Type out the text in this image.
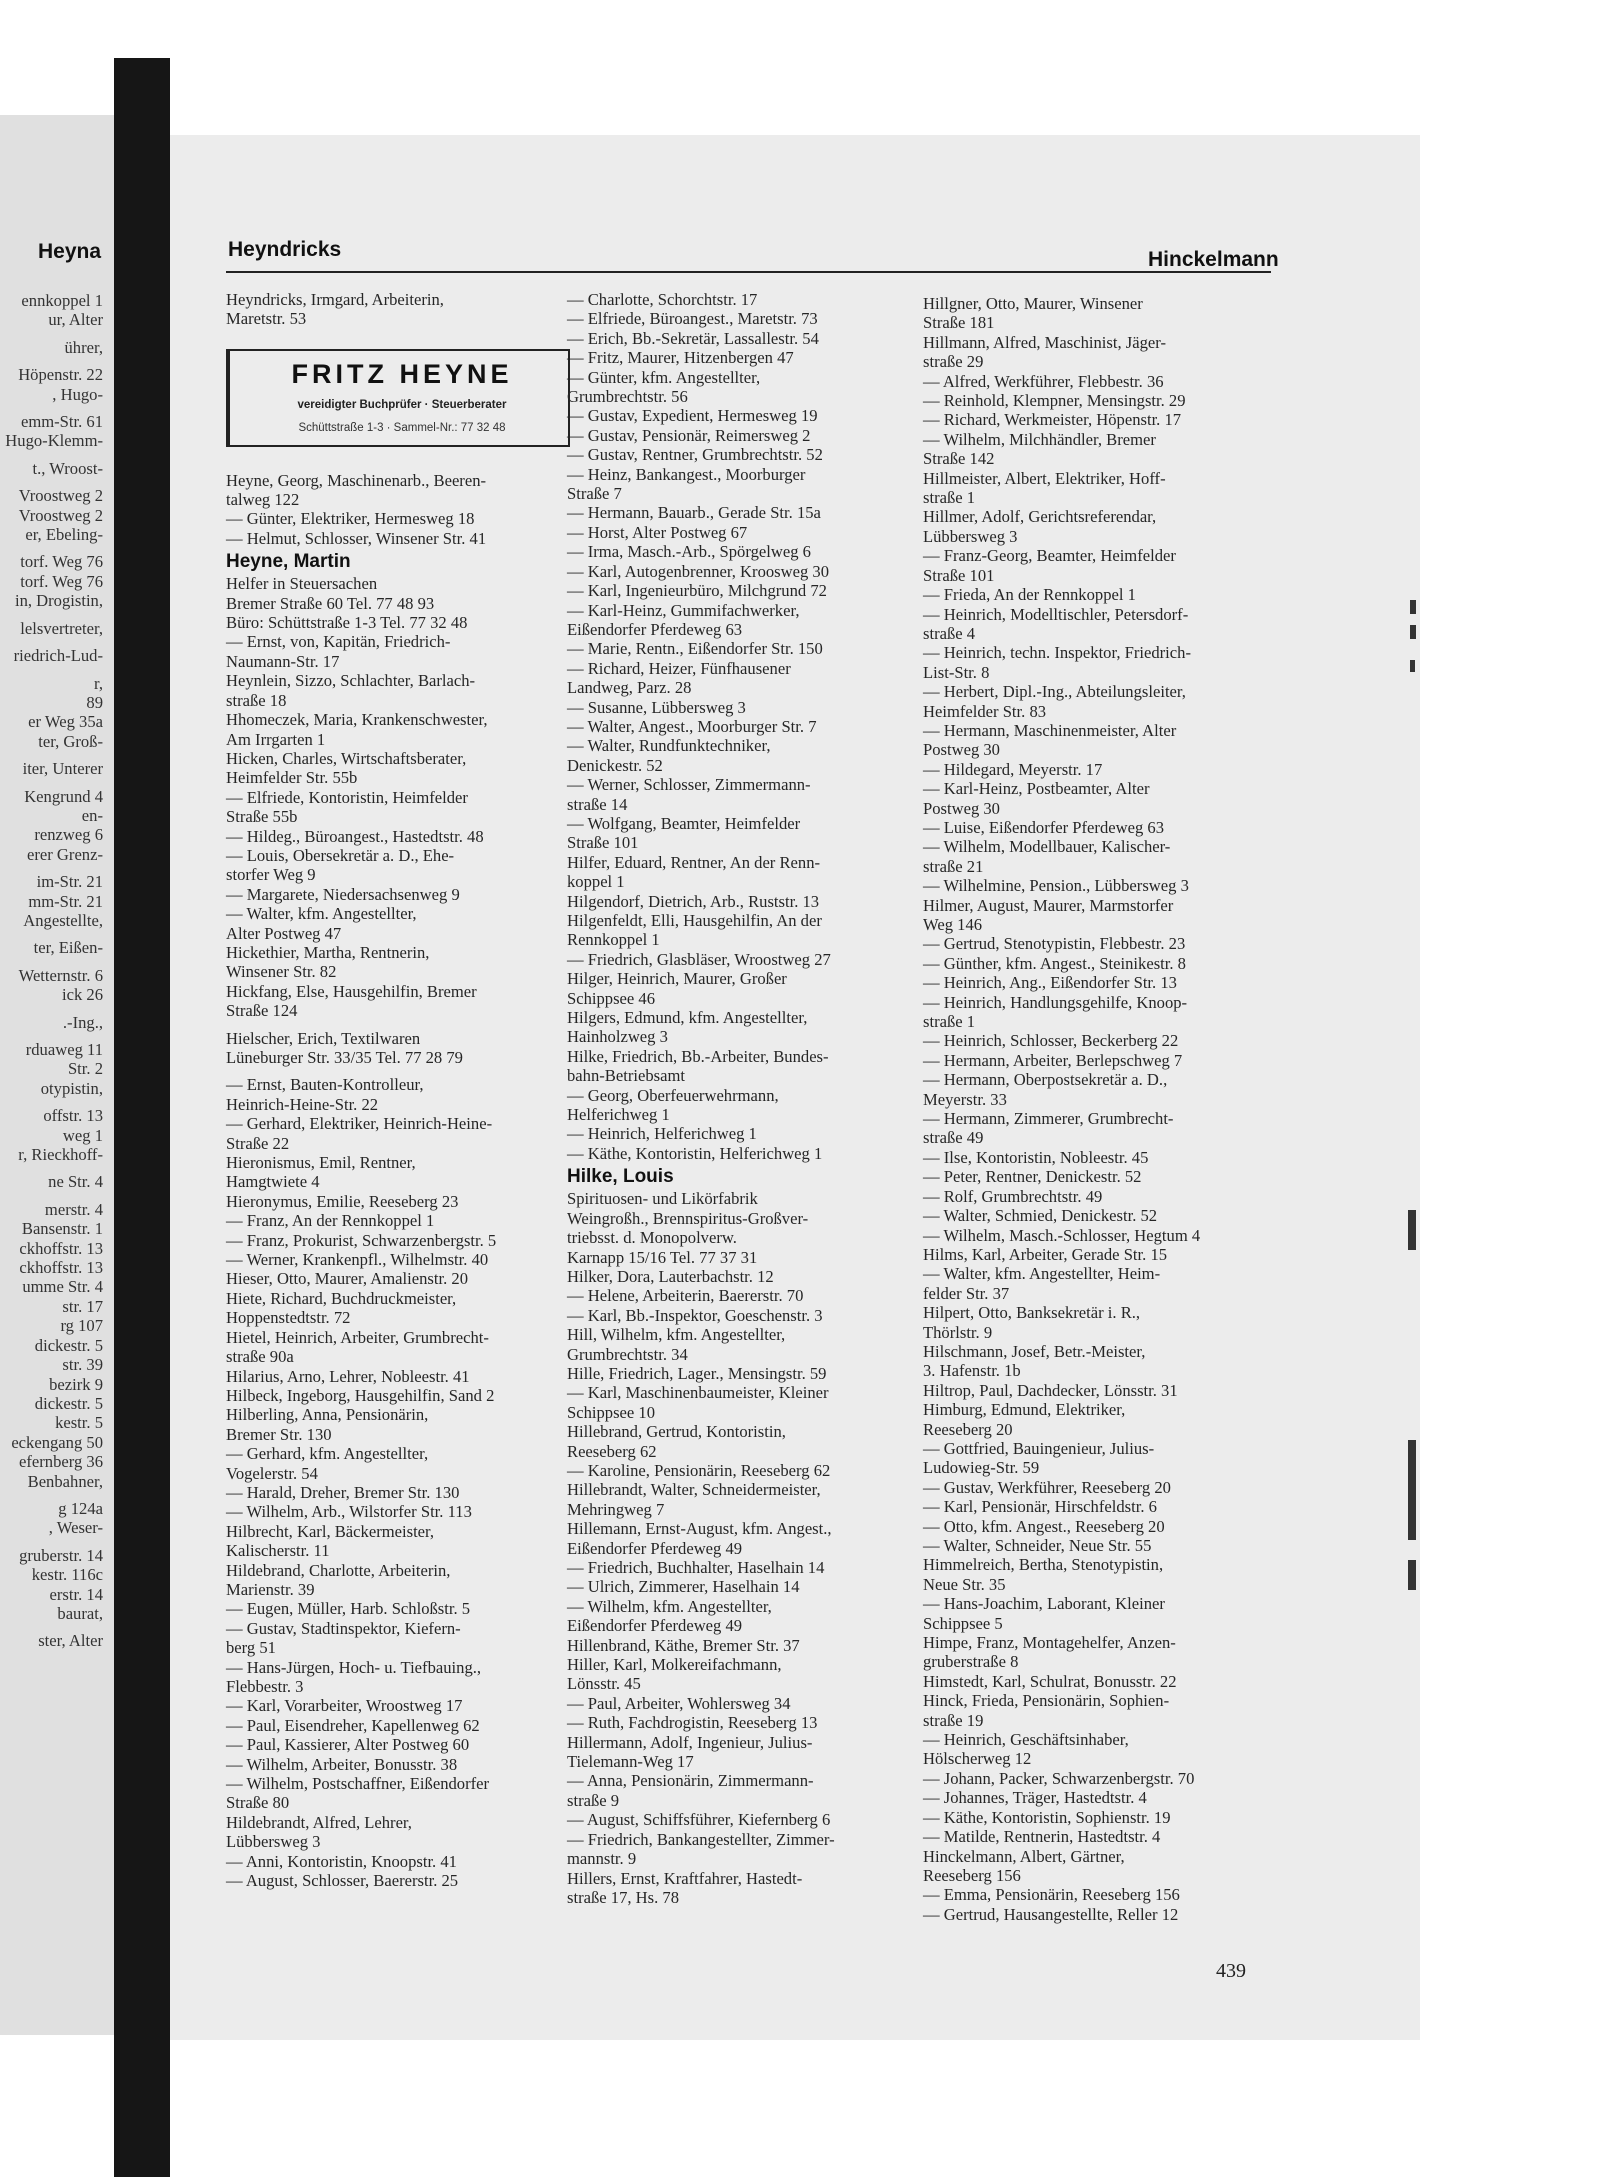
Heyna
ennkoppel 1
ur, Alter
ührer,
Höpenstr. 22
, Hugo-
emm-Str. 61
Hugo-Klemm-
t., Wroost-
Vroostweg 2
Vroostweg 2
er, Ebeling-
torf. Weg 76
torf. Weg 76
in, Drogistin,
lelsvertreter,
riedrich-Lud-
r,
89
er Weg 35a
ter, Groß-
iter, Unterer
Kengrund 4
en-
renzweg 6
erer Grenz-
im-Str. 21
mm-Str. 21
Angestellte,
ter, Eißen-
Wetternstr. 6
ick 26
.-Ing.,
rduaweg 11
Str. 2
otypistin,
offstr. 13
weg 1
r, Rieckhoff-
ne Str. 4
merstr. 4
Bansenstr. 1
ckhoffstr. 13
ckhoffstr. 13
umme Str. 4
str. 17
rg 107
dickestr. 5
str. 39
bezirk 9
dickestr. 5
kestr. 5
eckengang 50
efernberg 36
Benbahner,
g 124a
, Weser-
gruberstr. 14
kestr. 116c
erstr. 14
baurat,
ster, Alter
Heyndricks	Hinckelmann
Heyndricks, Irmgard, Arbeiterin,
Maretstr. 53
FRITZ HEYNE
vereidigter Buchprüfer · Steuerberater
Schüttstraße 1-3 · Sammel-Nr.: 77 32 48
Heyne, Georg, Maschinenarb., Beeren-
talweg 122
— Günter, Elektriker, Hermesweg 18
— Helmut, Schlosser, Winsener Str. 41
Heyne, Martin
Helfer in Steuersachen
Bremer Straße 60 Tel. 77 48 93
Büro: Schüttstraße 1-3 Tel. 77 32 48
— Ernst, von, Kapitän, Friedrich-
Naumann-Str. 17
Heynlein, Sizzo, Schlachter, Barlach-
straße 18
Hhomeczek, Maria, Krankenschwester,
Am Irrgarten 1
Hicken, Charles, Wirtschaftsberater,
Heimfelder Str. 55b
— Elfriede, Kontoristin, Heimfelder
Straße 55b
— Hildeg., Büroangest., Hastedtstr. 48
— Louis, Obersekretär a. D., Ehe-
storfer Weg 9
— Margarete, Niedersachsenweg 9
— Walter, kfm. Angestellter,
Alter Postweg 47
Hickethier, Martha, Rentnerin,
Winsener Str. 82
Hickfang, Else, Hausgehilfin, Bremer
Straße 124
Hielscher, Erich, Textilwaren
Lüneburger Str. 33/35 Tel. 77 28 79
— Ernst, Bauten-Kontrolleur,
Heinrich-Heine-Str. 22
— Gerhard, Elektriker, Heinrich-Heine-
Straße 22
Hieronismus, Emil, Rentner,
Hamgtwiete 4
Hieronymus, Emilie, Reeseberg 23
— Franz, An der Rennkoppel 1
— Franz, Prokurist, Schwarzenbergstr. 5
— Werner, Krankenpfl., Wilhelmstr. 40
Hieser, Otto, Maurer, Amalienstr. 20
Hiete, Richard, Buchdruckmeister,
Hoppenstedtstr. 72
Hietel, Heinrich, Arbeiter, Grumbrecht-
straße 90a
Hilarius, Arno, Lehrer, Nobleestr. 41
Hilbeck, Ingeborg, Hausgehilfin, Sand 2
Hilberling, Anna, Pensionärin,
Bremer Str. 130
— Gerhard, kfm. Angestellter,
Vogelerstr. 54
— Harald, Dreher, Bremer Str. 130
— Wilhelm, Arb., Wilstorfer Str. 113
Hilbrecht, Karl, Bäckermeister,
Kalischerstr. 11
Hildebrand, Charlotte, Arbeiterin,
Marienstr. 39
— Eugen, Müller, Harb. Schloßstr. 5
— Gustav, Stadtinspektor, Kiefern-
berg 51
— Hans-Jürgen, Hoch- u. Tiefbauing.,
Flebbestr. 3
— Karl, Vorarbeiter, Wroostweg 17
— Paul, Eisendreher, Kapellenweg 62
— Paul, Kassierer, Alter Postweg 60
— Wilhelm, Arbeiter, Bonusstr. 38
— Wilhelm, Postschaffner, Eißendorfer
Straße 80
Hildebrandt, Alfred, Lehrer,
Lübbersweg 3
— Anni, Kontoristin, Knoopstr. 41
— August, Schlosser, Baererstr. 25
— Charlotte, Schorchtstr. 17
— Elfriede, Büroangest., Maretstr. 73
— Erich, Bb.-Sekretär, Lassallestr. 54
— Fritz, Maurer, Hitzenbergen 47
— Günter, kfm. Angestellter,
Grumbrechtstr. 56
— Gustav, Expedient, Hermesweg 19
— Gustav, Pensionär, Reimersweg 2
— Gustav, Rentner, Grumbrechtstr. 52
— Heinz, Bankangest., Moorburger
Straße 7
— Hermann, Bauarb., Gerade Str. 15a
— Horst, Alter Postweg 67
— Irma, Masch.-Arb., Spörgelweg 6
— Karl, Autogenbrenner, Kroosweg 30
— Karl, Ingenieurbüro, Milchgrund 72
— Karl-Heinz, Gummifachwerker,
Eißendorfer Pferdeweg 63
— Marie, Rentn., Eißendorfer Str. 150
— Richard, Heizer, Fünfhausener
Landweg, Parz. 28
— Susanne, Lübbersweg 3
— Walter, Angest., Moorburger Str. 7
— Walter, Rundfunktechniker,
Denickestr. 52
— Werner, Schlosser, Zimmermann-
straße 14
— Wolfgang, Beamter, Heimfelder
Straße 101
Hilfer, Eduard, Rentner, An der Renn-
koppel 1
Hilgendorf, Dietrich, Arb., Ruststr. 13
Hilgenfeldt, Elli, Hausgehilfin, An der
Rennkoppel 1
— Friedrich, Glasbläser, Wroostweg 27
Hilger, Heinrich, Maurer, Großer
Schippsee 46
Hilgers, Edmund, kfm. Angestellter,
Hainholzweg 3
Hilke, Friedrich, Bb.-Arbeiter, Bundes-
bahn-Betriebsamt
— Georg, Oberfeuerwehrmann,
Helferichweg 1
— Heinrich, Helferichweg 1
— Käthe, Kontoristin, Helferichweg 1
Hilke, Louis
Spirituosen- und Likörfabrik
Weingroßh., Brennspiritus-Großver-
triebsst. d. Monopolverw.
Karnapp 15/16 Tel. 77 37 31
Hilker, Dora, Lauterbachstr. 12
— Helene, Arbeiterin, Baererstr. 70
— Karl, Bb.-Inspektor, Goeschenstr. 3
Hill, Wilhelm, kfm. Angestellter,
Grumbrechtstr. 34
Hille, Friedrich, Lager., Mensingstr. 59
— Karl, Maschinenbaumeister, Kleiner
Schippsee 10
Hillebrand, Gertrud, Kontoristin,
Reeseberg 62
— Karoline, Pensionärin, Reeseberg 62
Hillebrandt, Walter, Schneidermeister,
Mehringweg 7
Hillemann, Ernst-August, kfm. Angest.,
Eißendorfer Pferdeweg 49
— Friedrich, Buchhalter, Haselhain 14
— Ulrich, Zimmerer, Haselhain 14
— Wilhelm, kfm. Angestellter,
Eißendorfer Pferdeweg 49
Hillenbrand, Käthe, Bremer Str. 37
Hiller, Karl, Molkereifachmann,
Lönsstr. 45
— Paul, Arbeiter, Wohlersweg 34
— Ruth, Fachdrogistin, Reeseberg 13
Hillermann, Adolf, Ingenieur, Julius-
Tielemann-Weg 17
— Anna, Pensionärin, Zimmermann-
straße 9
— August, Schiffsführer, Kiefernberg 6
— Friedrich, Bankangestellter, Zimmer-
mannstr. 9
Hillers, Ernst, Kraftfahrer, Hastedt-
straße 17, Hs. 78
Hillgner, Otto, Maurer, Winsener
Straße 181
Hillmann, Alfred, Maschinist, Jäger-
straße 29
— Alfred, Werkführer, Flebbestr. 36
— Reinhold, Klempner, Mensingstr. 29
— Richard, Werkmeister, Höpenstr. 17
— Wilhelm, Milchhändler, Bremer
Straße 142
Hillmeister, Albert, Elektriker, Hoff-
straße 1
Hillmer, Adolf, Gerichtsreferendar,
Lübbersweg 3
— Franz-Georg, Beamter, Heimfelder
Straße 101
— Frieda, An der Rennkoppel 1
— Heinrich, Modelltischler, Petersdorf-
straße 4
— Heinrich, techn. Inspektor, Friedrich-
List-Str. 8
— Herbert, Dipl.-Ing., Abteilungsleiter,
Heimfelder Str. 83
— Hermann, Maschinenmeister, Alter
Postweg 30
— Hildegard, Meyerstr. 17
— Karl-Heinz, Postbeamter, Alter
Postweg 30
— Luise, Eißendorfer Pferdeweg 63
— Wilhelm, Modellbauer, Kalischer-
straße 21
— Wilhelmine, Pension., Lübbersweg 3
Hilmer, August, Maurer, Marmstorfer
Weg 146
— Gertrud, Stenotypistin, Flebbestr. 23
— Günther, kfm. Angest., Steinikestr. 8
— Heinrich, Ang., Eißendorfer Str. 13
— Heinrich, Handlungsgehilfe, Knoop-
straße 1
— Heinrich, Schlosser, Beckerberg 22
— Hermann, Arbeiter, Berlepschweg 7
— Hermann, Oberpostsekretär a. D.,
Meyerstr. 33
— Hermann, Zimmerer, Grumbrecht-
straße 49
— Ilse, Kontoristin, Nobleestr. 45
— Peter, Rentner, Denickestr. 52
— Rolf, Grumbrechtstr. 49
— Walter, Schmied, Denickestr. 52
— Wilhelm, Masch.-Schlosser, Hegtum 4
Hilms, Karl, Arbeiter, Gerade Str. 15
— Walter, kfm. Angestellter, Heim-
felder Str. 37
Hilpert, Otto, Banksekretär i. R.,
Thörlstr. 9
Hilschmann, Josef, Betr.-Meister,
3. Hafenstr. 1b
Hiltrop, Paul, Dachdecker, Lönsstr. 31
Himburg, Edmund, Elektriker,
Reeseberg 20
— Gottfried, Bauingenieur, Julius-
Ludowieg-Str. 59
— Gustav, Werkführer, Reeseberg 20
— Karl, Pensionär, Hirschfeldstr. 6
— Otto, kfm. Angest., Reeseberg 20
— Walter, Schneider, Neue Str. 55
Himmelreich, Bertha, Stenotypistin,
Neue Str. 35
— Hans-Joachim, Laborant, Kleiner
Schippsee 5
Himpe, Franz, Montagehelfer, Anzen-
gruberstraße 8
Himstedt, Karl, Schulrat, Bonusstr. 22
Hinck, Frieda, Pensionärin, Sophien-
straße 19
— Heinrich, Geschäftsinhaber,
Hölscherweg 12
— Johann, Packer, Schwarzenbergstr. 70
— Johannes, Träger, Hastedtstr. 4
— Käthe, Kontoristin, Sophienstr. 19
— Matilde, Rentnerin, Hastedtstr. 4
Hinckelmann, Albert, Gärtner,
Reeseberg 156
— Emma, Pensionärin, Reeseberg 156
— Gertrud, Hausangestellte, Reller 12
439
